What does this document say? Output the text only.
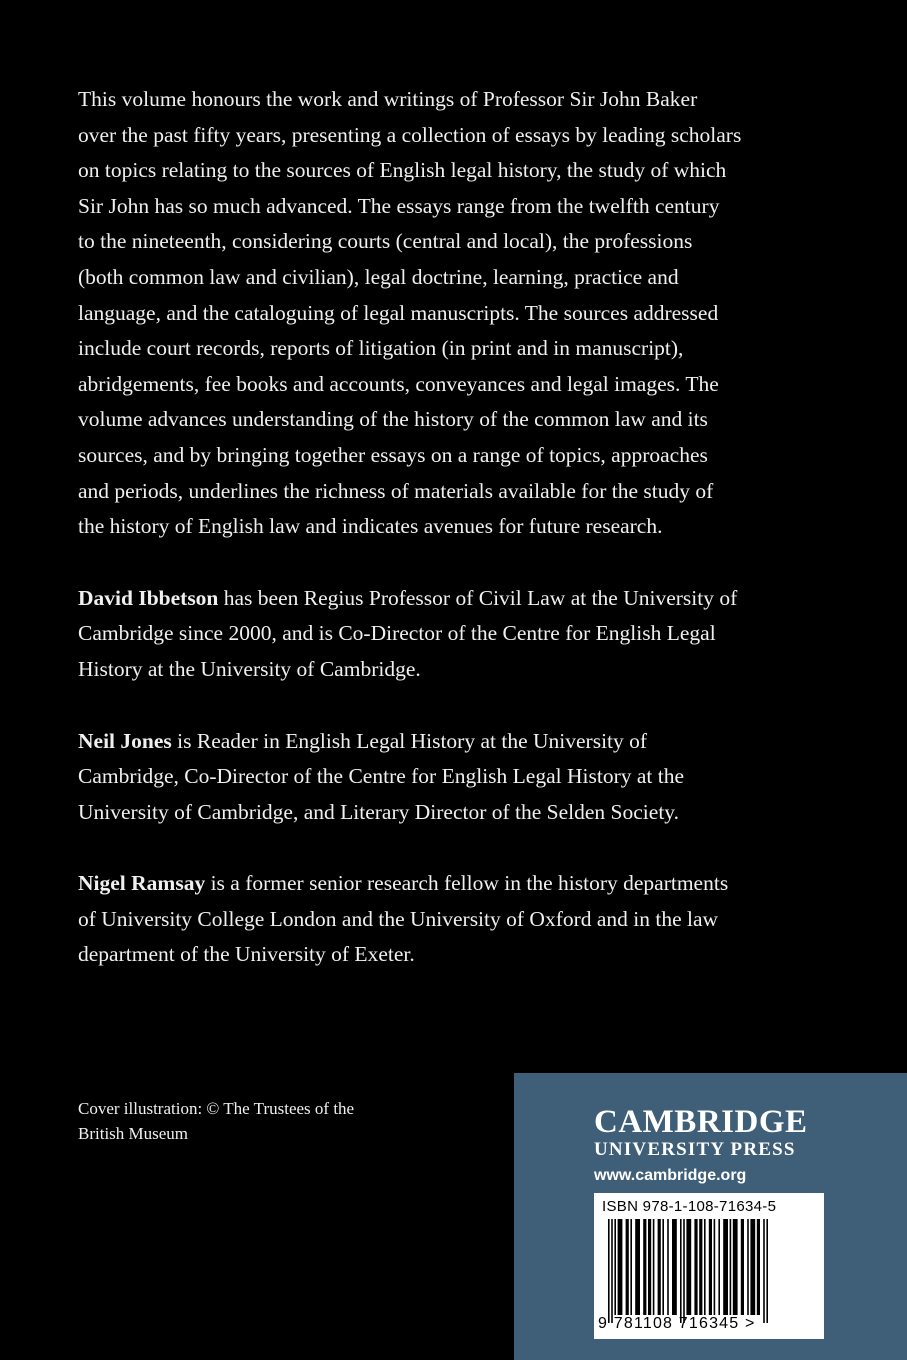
This volume honours the work and writings of Professor Sir John Baker

over the past fifty years, presenting a collection of essays by leading scholars

on topics relating to the sources of English legal history, the study of which

Sir John has so much advanced. The essays range from the twelfth century

to the nineteenth, considering courts (central and local), the professions

(both common law and civilian), legal doctrine, learning, practice and

language, and the cataloguing of legal manuscripts. The sources addressed

include court records, reports of litigation (in print and in manuscript),

abridgements, fee books and accounts, conveyances and legal images. The

volume advances understanding of the history of the common law and its

sources, and by bringing together essays on a range of topics, approaches

and periods, underlines the richness of materials available for the study of

the history of English law and indicates avenues for future research.

David Ibbetson has been Regius Professor of Civil Law at the University of

Cambridge since 2000, and is Co-Director of the Centre for English Legal

History at the University of Cambridge.

Neil Jones is Reader in English Legal History at the University of

Cambridge, Co-Director of the Centre for English Legal History at the

University of Cambridge, and Literary Director of the Selden Society.

Nigel Ramsay is a former senior research fellow in the history departments

of University College London and the University of Oxford and in the law

department of the University of Exeter.

Cover illustration: © The Trustees of the
British Museum	CAMBRIDGE
UNIVERSITY PRESS
www.cambridge.org
ISBN 978-1-108-71634-5
9 781108 716345 >
